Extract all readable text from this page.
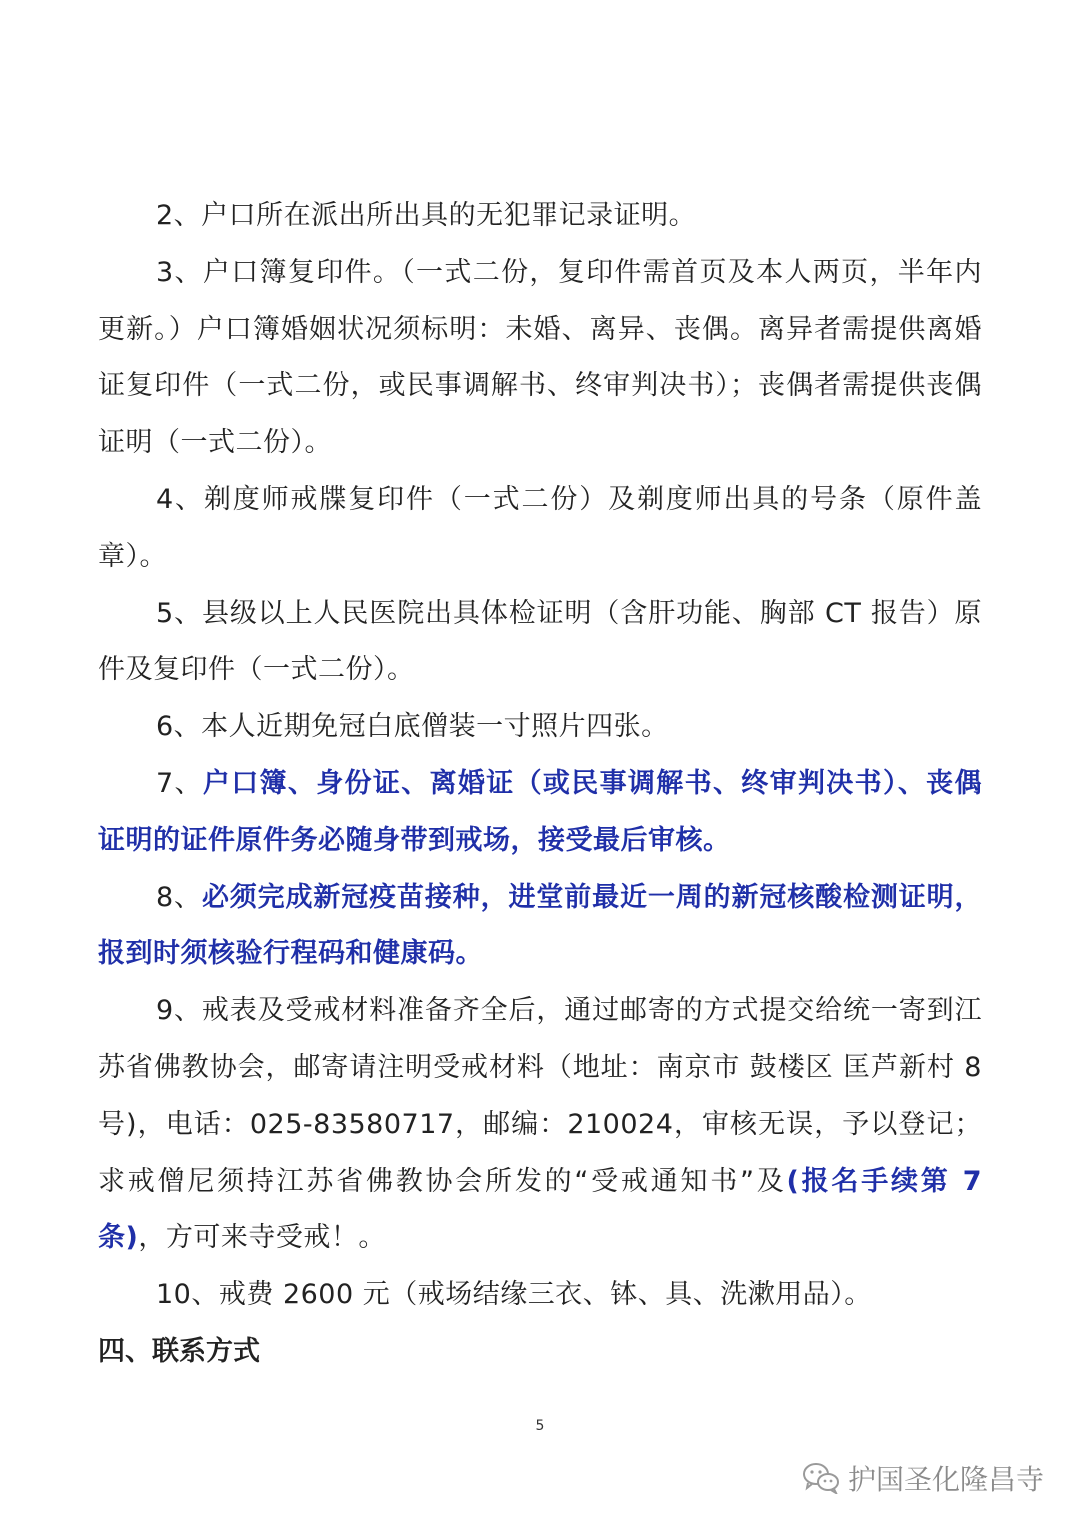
2、户口所在派出所出具的无犯罪记录证明。

3、户口簿复印件。（一式二份，复印件需首页及本人两页，半年内更新。）户口簿婚姻状况须标明：未婚、离异、丧偶。离异者需提供离婚证复印件（一式二份，或民事调解书、终审判决书）；丧偶者需提供丧偶证明（一式二份）。

4、剃度师戒牒复印件（一式二份）及剃度师出具的号条（原件盖章）。

5、县级以上人民医院出具体检证明（含肝功能、胸部 CT 报告）原件及复印件（一式二份）。

6、本人近期免冠白底僧装一寸照片四张。

7、户口簿、身份证、离婚证（或民事调解书、终审判决书）、丧偶证明的证件原件务必随身带到戒场，接受最后审核。

8、必须完成新冠疫苗接种，进堂前最近一周的新冠核酸检测证明，报到时须核验行程码和健康码。

9、戒表及受戒材料准备齐全后，通过邮寄的方式提交给统一寄到江苏省佛教协会，邮寄请注明受戒材料（地址：南京市 鼓楼区 匡芦新村 8 号)，电话：025-83580717，邮编：210024，审核无误，予以登记；求戒僧尼须持江苏省佛教协会所发的“受戒通知书”及(报名手续第 7 条)，方可来寺受戒！。

10、戒费 2600 元（戒场结缘三衣、钵、具、洗漱用品）。

四、联系方式

5
护国圣化隆昌寺
